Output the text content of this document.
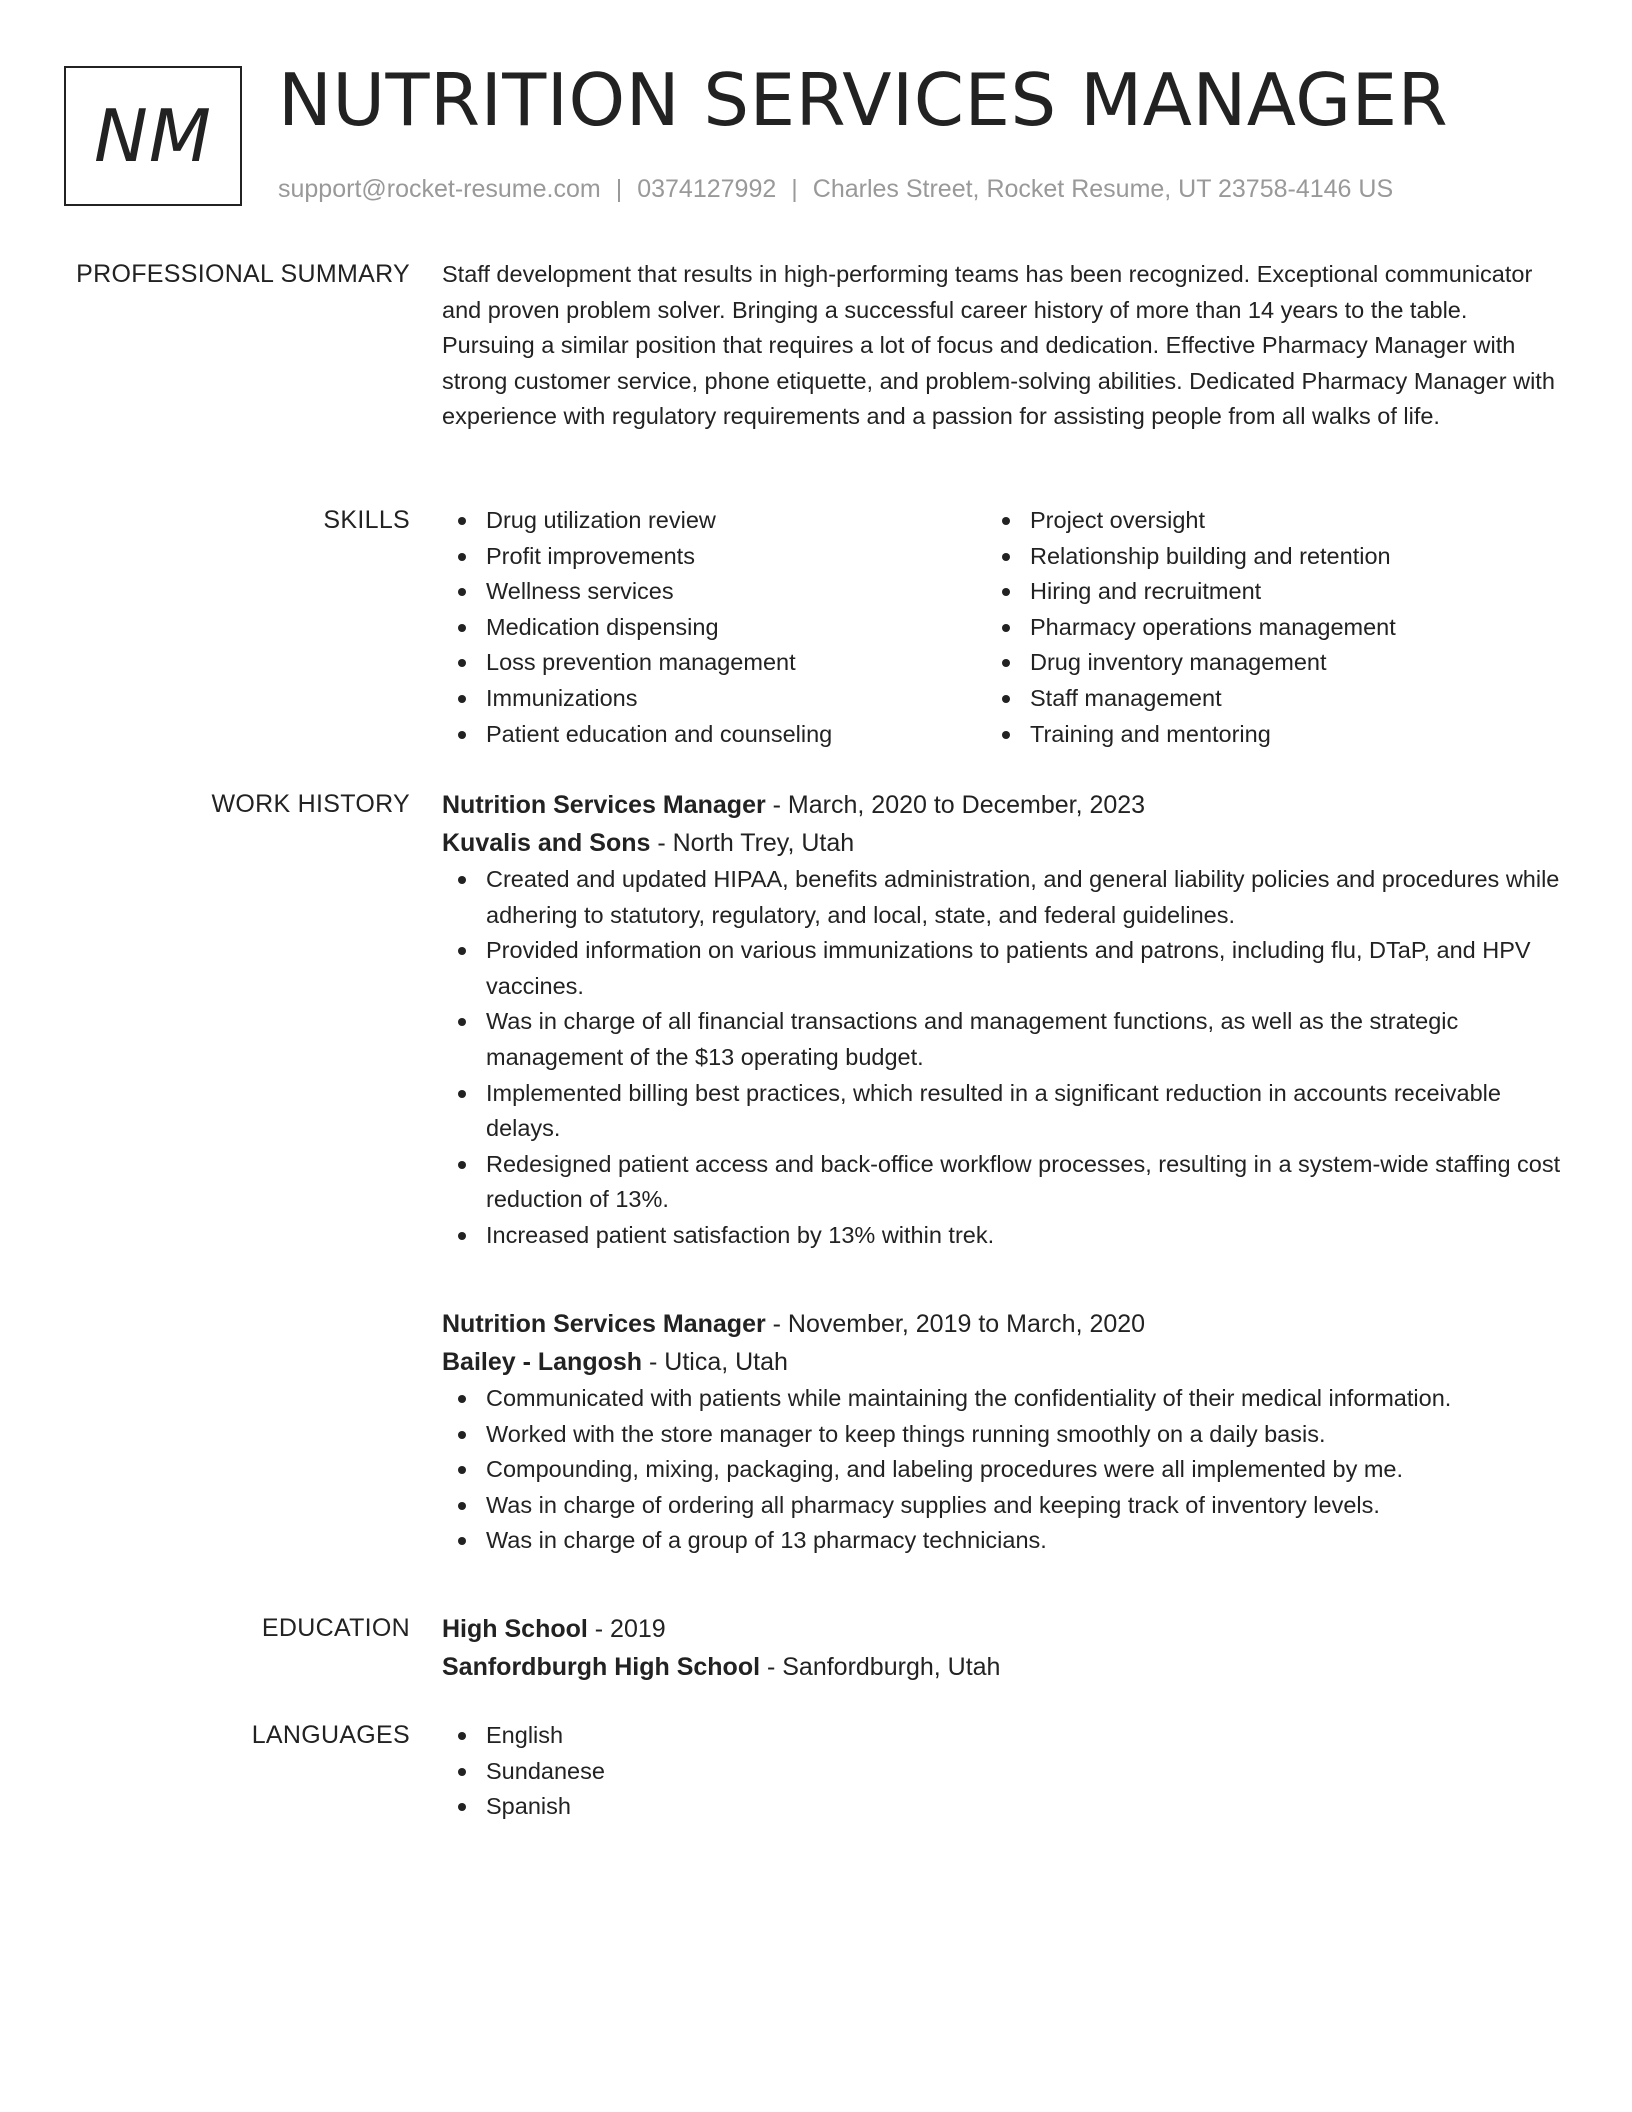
NM NUTRITION SERVICES MANAGER
support@rocket-resume.com | 0374127992 | Charles Street, Rocket Resume, UT 23758-4146 US
PROFESSIONAL SUMMARY Staff development that results in high-performing teams has been recognized. Exceptional communicator and proven problem solver. Bringing a successful career history of more than 14 years to the table. Pursuing a similar position that requires a lot of focus and dedication. Effective Pharmacy Manager with strong customer service, phone etiquette, and problem-solving abilities. Dedicated Pharmacy Manager with experience with regulatory requirements and a passion for assisting people from all walks of life.

SKILLS	Drug utilization review
Profit improvements
Wellness services
Medication dispensing
Loss prevention management
Immunizations
Patient education and counseling
Project oversight
Relationship building and retention
Hiring and recruitment
Pharmacy operations management
Drug inventory management
Staff management
Training and mentoring
WORK HISTORY Nutrition Services Manager - March, 2020 to December, 2023
Kuvalis and Sons - North Trey, Utah
Created and updated HIPAA, benefits administration, and general liability policies and procedures while adhering to statutory, regulatory, and local, state, and federal guidelines.
Provided information on various immunizations to patients and patrons, including flu, DTaP, and HPV vaccines.
Was in charge of all financial transactions and management functions, as well as the strategic management of the $13 operating budget.
Implemented billing best practices, which resulted in a significant reduction in accounts receivable delays.
Redesigned patient access and back-office workflow processes, resulting in a system-wide staffing cost reduction of 13%.
Increased patient satisfaction by 13% within trek.
Nutrition Services Manager - November, 2019 to March, 2020
Bailey - Langosh - Utica, Utah
Communicated with patients while maintaining the confidentiality of their medical information.
Worked with the store manager to keep things running smoothly on a daily basis.
Compounding, mixing, packaging, and labeling procedures were all implemented by me.
Was in charge of ordering all pharmacy supplies and keeping track of inventory levels.
Was in charge of a group of 13 pharmacy technicians.
EDUCATION High School - 2019
Sanfordburgh High School - Sanfordburgh, Utah
LANGUAGES	English
Sundanese
Spanish
